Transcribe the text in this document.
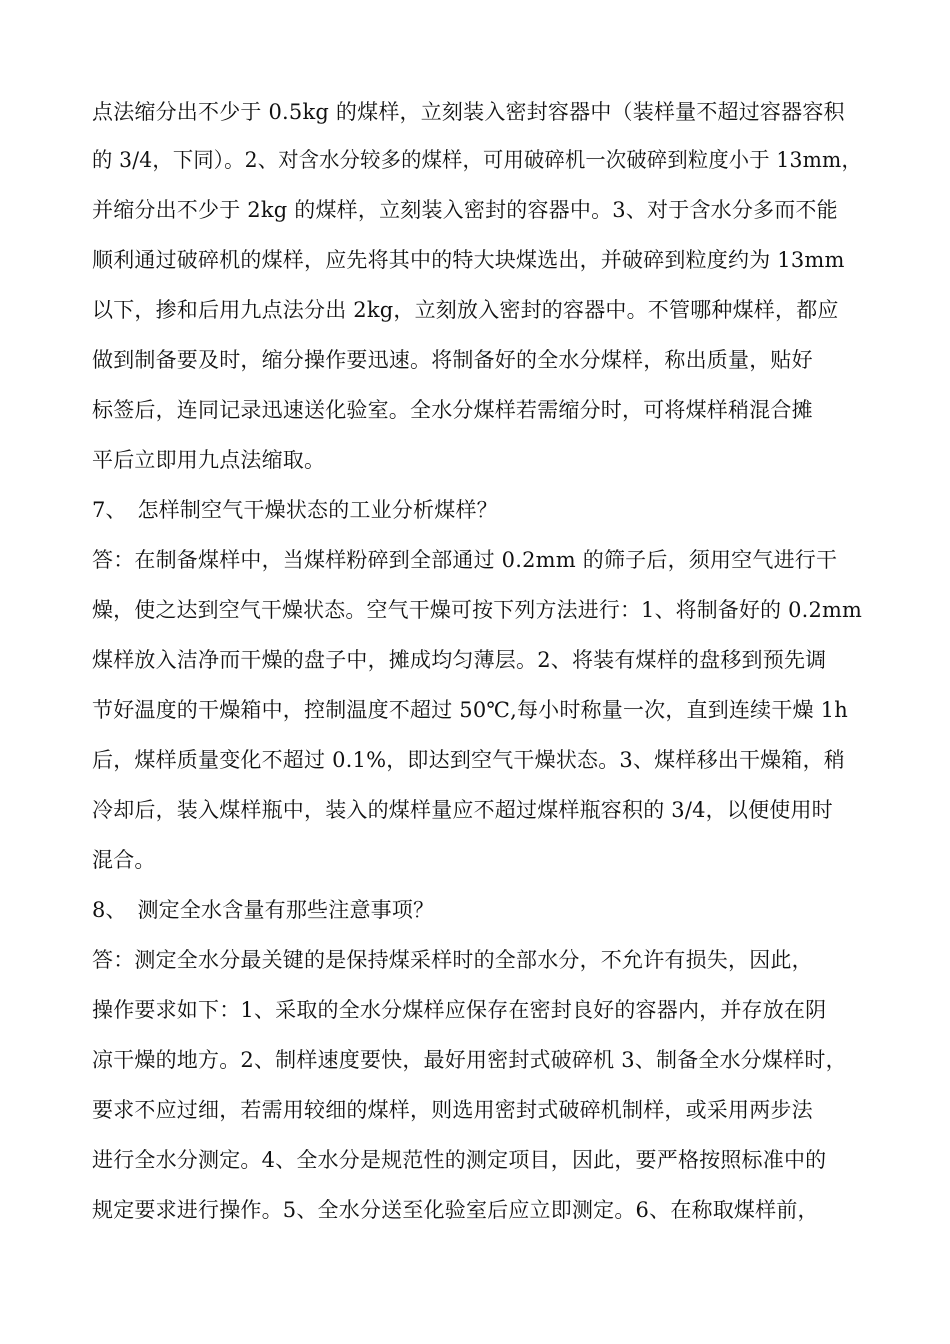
点法缩分出不少于 0.5kg 的煤样，立刻装入密封容器中（装样量不超过容器容积
的 3/4，下同）。2、对含水分较多的煤样，可用破碎机一次破碎到粒度小于 13mm，
并缩分出不少于 2kg 的煤样，立刻装入密封的容器中。3、对于含水分多而不能
顺利通过破碎机的煤样，应先将其中的特大块煤选出，并破碎到粒度约为 13mm
以下，掺和后用九点法分出 2kg，立刻放入密封的容器中。不管哪种煤样，都应
做到制备要及时，缩分操作要迅速。将制备好的全水分煤样，称出质量，贴好
标签后，连同记录迅速送化验室。全水分煤样若需缩分时，可将煤样稍混合摊
平后立即用九点法缩取。
7、　怎样制空气干燥状态的工业分析煤样？
答：在制备煤样中，当煤样粉碎到全部通过 0.2mm 的筛子后，须用空气进行干
燥，使之达到空气干燥状态。空气干燥可按下列方法进行：1、将制备好的 0.2mm
煤样放入洁净而干燥的盘子中，摊成均匀薄层。2、将装有煤样的盘移到预先调
节好温度的干燥箱中，控制温度不超过 50℃,每小时称量一次，直到连续干燥 1h
后，煤样质量变化不超过 0.1%，即达到空气干燥状态。3、煤样移出干燥箱，稍
冷却后，装入煤样瓶中，装入的煤样量应不超过煤样瓶容积的 3/4，以便使用时
混合。
8、　测定全水含量有那些注意事项？
答：测定全水分最关键的是保持煤采样时的全部水分，不允许有损失，因此，
操作要求如下：1、采取的全水分煤样应保存在密封良好的容器内，并存放在阴
凉干燥的地方。2、制样速度要快，最好用密封式破碎机 3、制备全水分煤样时，
要求不应过细，若需用较细的煤样，则选用密封式破碎机制样，或采用两步法
进行全水分测定。4、全水分是规范性的测定项目，因此，要严格按照标准中的
规定要求进行操作。5、全水分送至化验室后应立即测定。6、在称取煤样前，
